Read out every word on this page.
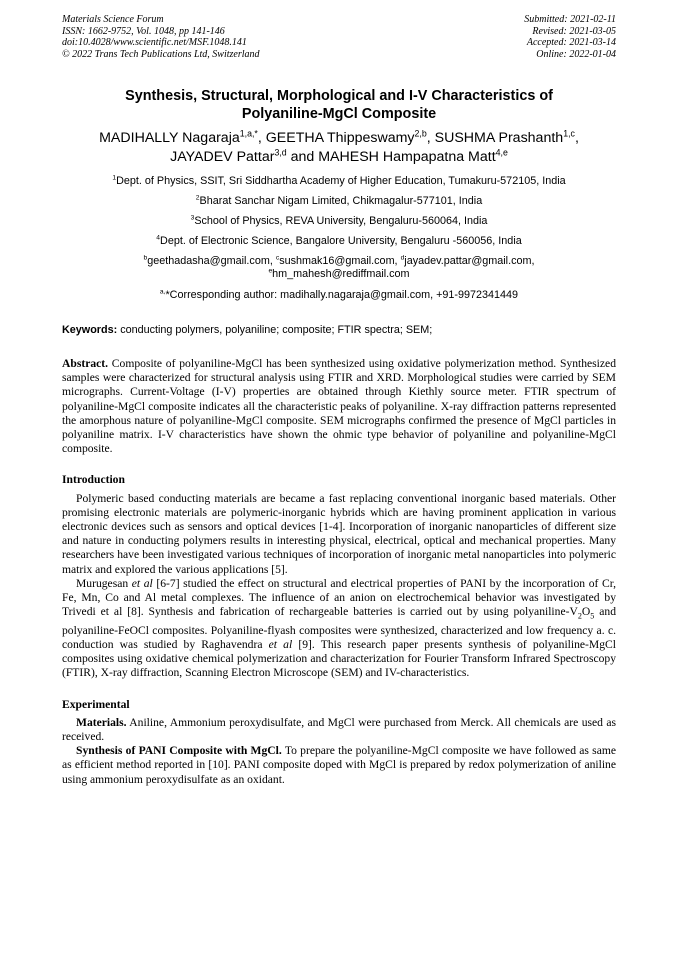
Materials Science Forum
ISSN: 1662-9752, Vol. 1048, pp 141-146
doi:10.4028/www.scientific.net/MSF.1048.141
© 2022 Trans Tech Publications Ltd, Switzerland
Submitted: 2021-02-11
Revised: 2021-03-05
Accepted: 2021-03-14
Online: 2022-01-04
Synthesis, Structural, Morphological and I-V Characteristics of
Polyaniline-MgCl Composite
MADIHALLY Nagaraja$^{1,a,*}$, GEETHA Thippeswamy$^{2,b}$, SUSHMA Prashanth$^{1,c}$,
JAYADEV Pattar$^{3,d}$ and MAHESH Hampapatna Matt$^{4,e}$
$^1$Dept. of Physics, SSIT, Sri Siddhartha Academy of Higher Education, Tumakuru-572105, India
$^2$Bharat Sanchar Nigam Limited, Chikmagalur-577101, India
$^3$School of Physics, REVA University, Bengaluru-560064, India
$^4$Dept. of Electronic Science, Bangalore University, Bengaluru -560056, India
$^b$geethadasha@gmail.com, $^c$sushmak16@gmail.com, $^d$jayadev.pattar@gmail.com,
$^e$hm_mahesh@rediffmail.com
$^{a,}$*Corresponding author: madihally.nagaraja@gmail.com, +91-9972341449
Keywords: conducting polymers, polyaniline; composite; FTIR spectra; SEM;
Abstract. Composite of polyaniline-MgCl has been synthesized using oxidative polymerization method. Synthesized samples were characterized for structural analysis using FTIR and XRD. Morphological studies were carried by SEM micrographs. Current-Voltage (I-V) properties are obtained through Kiethly source meter. FTIR spectrum of polyaniline-MgCl composite indicates all the characteristic peaks of polyaniline. X-ray diffraction patterns represented the amorphous nature of polyaniline-MgCl composite. SEM micrographs confirmed the presence of MgCl particles in polyaniline matrix. I-V characteristics have shown the ohmic type behavior of polyaniline and polyaniline-MgCl composite.
Introduction
Polymeric based conducting materials are became a fast replacing conventional inorganic based materials. Other promising electronic materials are polymeric-inorganic hybrids which are having prominent application in various electronic devices such as sensors and optical devices [1-4]. Incorporation of inorganic nanoparticles of different size and nature in conducting polymers results in interesting physical, electrical, optical and mechanical properties. Many researchers have been investigated various techniques of incorporation of inorganic metal nanoparticles into polymeric matrix and explored the various applications [5].
Murugesan et al [6-7] studied the effect on structural and electrical properties of PANI by the incorporation of Cr, Fe, Mn, Co and Al metal complexes. The influence of an anion on electrochemical behavior was investigated by Trivedi et al [8]. Synthesis and fabrication of rechargeable batteries is carried out by using polyaniline-$V_2O_5$ and polyaniline-FeOCl composites. Polyaniline-flyash composites were synthesized, characterized and low frequency a. c. conduction was studied by Raghavendra et al [9]. This research paper presents synthesis of polyaniline-MgCl composites using oxidative chemical polymerization and characterization for Fourier Transform Infrared Spectroscopy (FTIR), X-ray diffraction, Scanning Electron Microscope (SEM) and IV-characteristics.
Experimental
Materials. Aniline, Ammonium peroxydisulfate, and MgCl were purchased from Merck. All chemicals are used as received.
Synthesis of PANI Composite with MgCl. To prepare the polyaniline-MgCl composite we have followed as same as efficient method reported in [10]. PANI composite doped with MgCl is prepared by redox polymerization of aniline using ammonium peroxydisulfate as an oxidant.
